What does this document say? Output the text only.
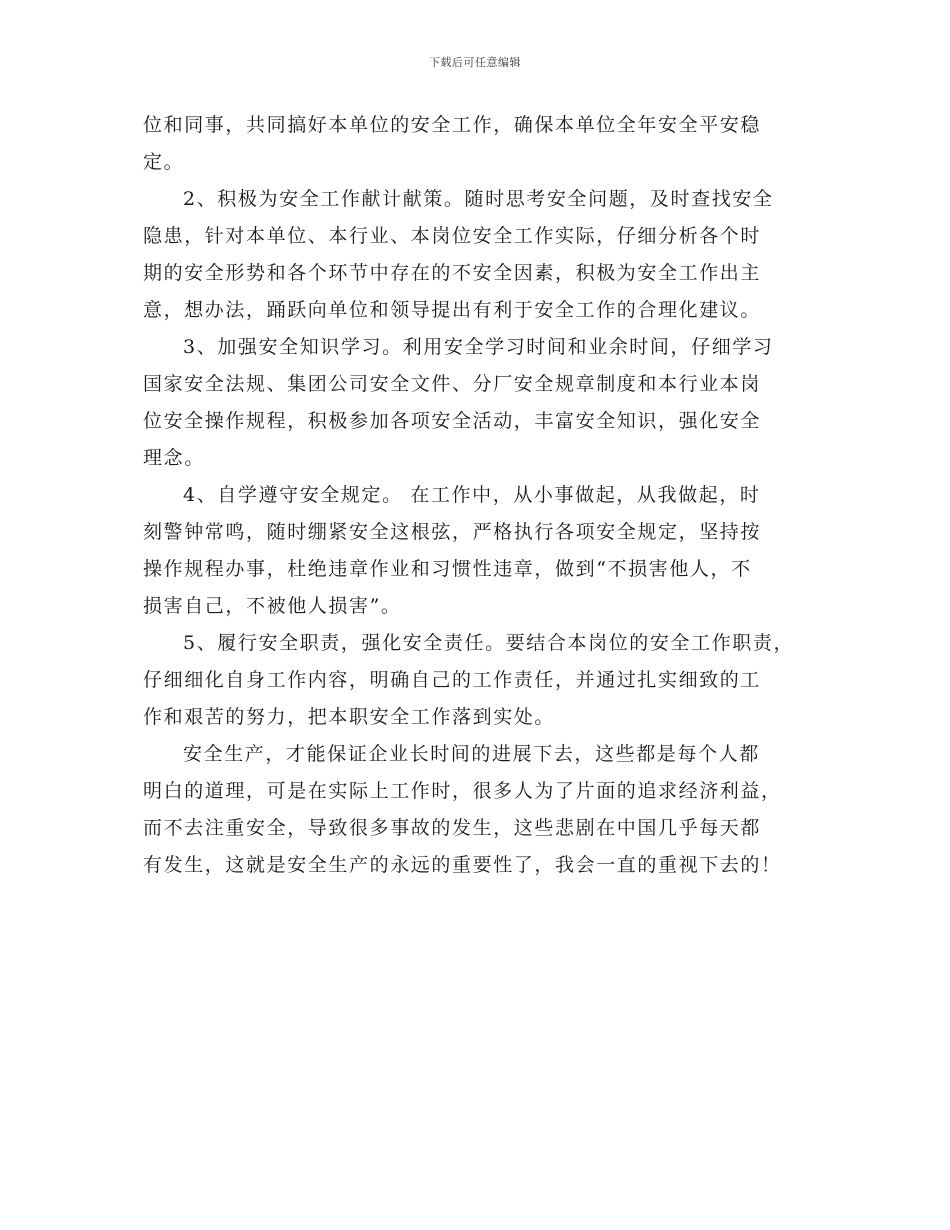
下载后可任意编辑

位和同事，共同搞好本单位的安全工作，确保本单位全年安全平安稳
定。

2、积极为安全工作献计献策。随时思考安全问题，及时查找安全
隐患，针对本单位、本行业、本岗位安全工作实际，仔细分析各个时
期的安全形势和各个环节中存在的不安全因素，积极为安全工作出主
意，想办法，踊跃向单位和领导提出有利于安全工作的合理化建议。

3、加强安全知识学习。利用安全学习时间和业余时间，仔细学习
国家安全法规、集团公司安全文件、分厂安全规章制度和本行业本岗
位安全操作规程，积极参加各项安全活动，丰富安全知识，强化安全
理念。

4、自学遵守安全规定。 在工作中，从小事做起，从我做起，时
刻警钟常鸣，随时绷紧安全这根弦，严格执行各项安全规定，坚持按
操作规程办事，杜绝违章作业和习惯性违章，做到“不损害他人，不
损害自己，不被他人损害”。

5、履行安全职责，强化安全责任。要结合本岗位的安全工作职责，
仔细细化自身工作内容，明确自己的工作责任，并通过扎实细致的工
作和艰苦的努力，把本职安全工作落到实处。

安全生产，才能保证企业长时间的进展下去，这些都是每个人都
明白的道理，可是在实际上工作时，很多人为了片面的追求经济利益，
而不去注重安全，导致很多事故的发生，这些悲剧在中国几乎每天都
有发生，这就是安全生产的永远的重要性了，我会一直的重视下去的！
